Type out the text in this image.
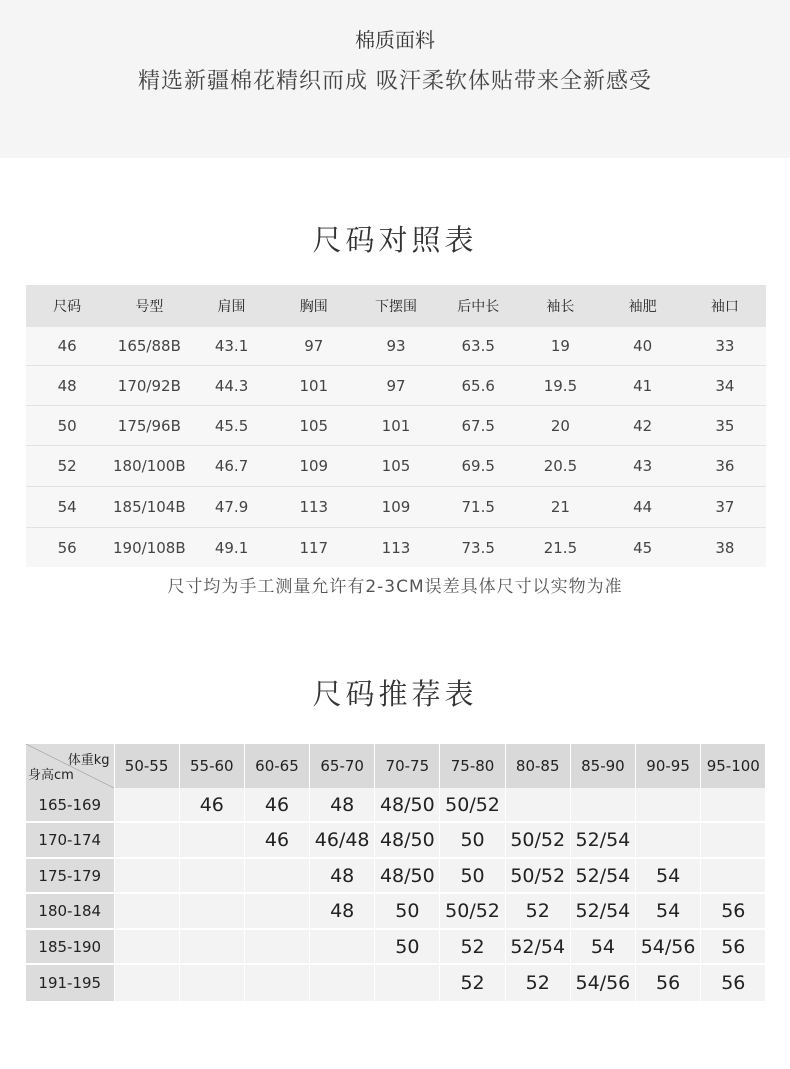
棉质面料
精选新疆棉花精织而成 吸汗柔软体贴带来全新感受
尺码对照表
尺码	号型	肩围	胸围	下摆围	后中长	袖长	袖肥	袖口
46	165/88B	43.1	97	93	63.5	19	40	33
48	170/92B	44.3	101	97	65.6	19.5	41	34
50	175/96B	45.5	105	101	67.5	20	42	35
52	180/100B	46.7	109	105	69.5	20.5	43	36
54	185/104B	47.9	113	109	71.5	21	44	37
56	190/108B	49.1	117	113	73.5	21.5	45	38
尺寸均为手工测量允许有2-3CM误差具体尺寸以实物为准
尺码推荐表
体重kg
身高cm	50-55	55-60	60-65	65-70	70-75	75-80	80-85	85-90	90-95	95-100
165-169		46	46	48	48/50	50/52				
170-174			46	46/48	48/50	50	50/52	52/54		
175-179				48	48/50	50	50/52	52/54	54	
180-184				48	50	50/52	52	52/54	54	56
185-190					50	52	52/54	54	54/56	56
191-195						52	52	54/56	56	56
